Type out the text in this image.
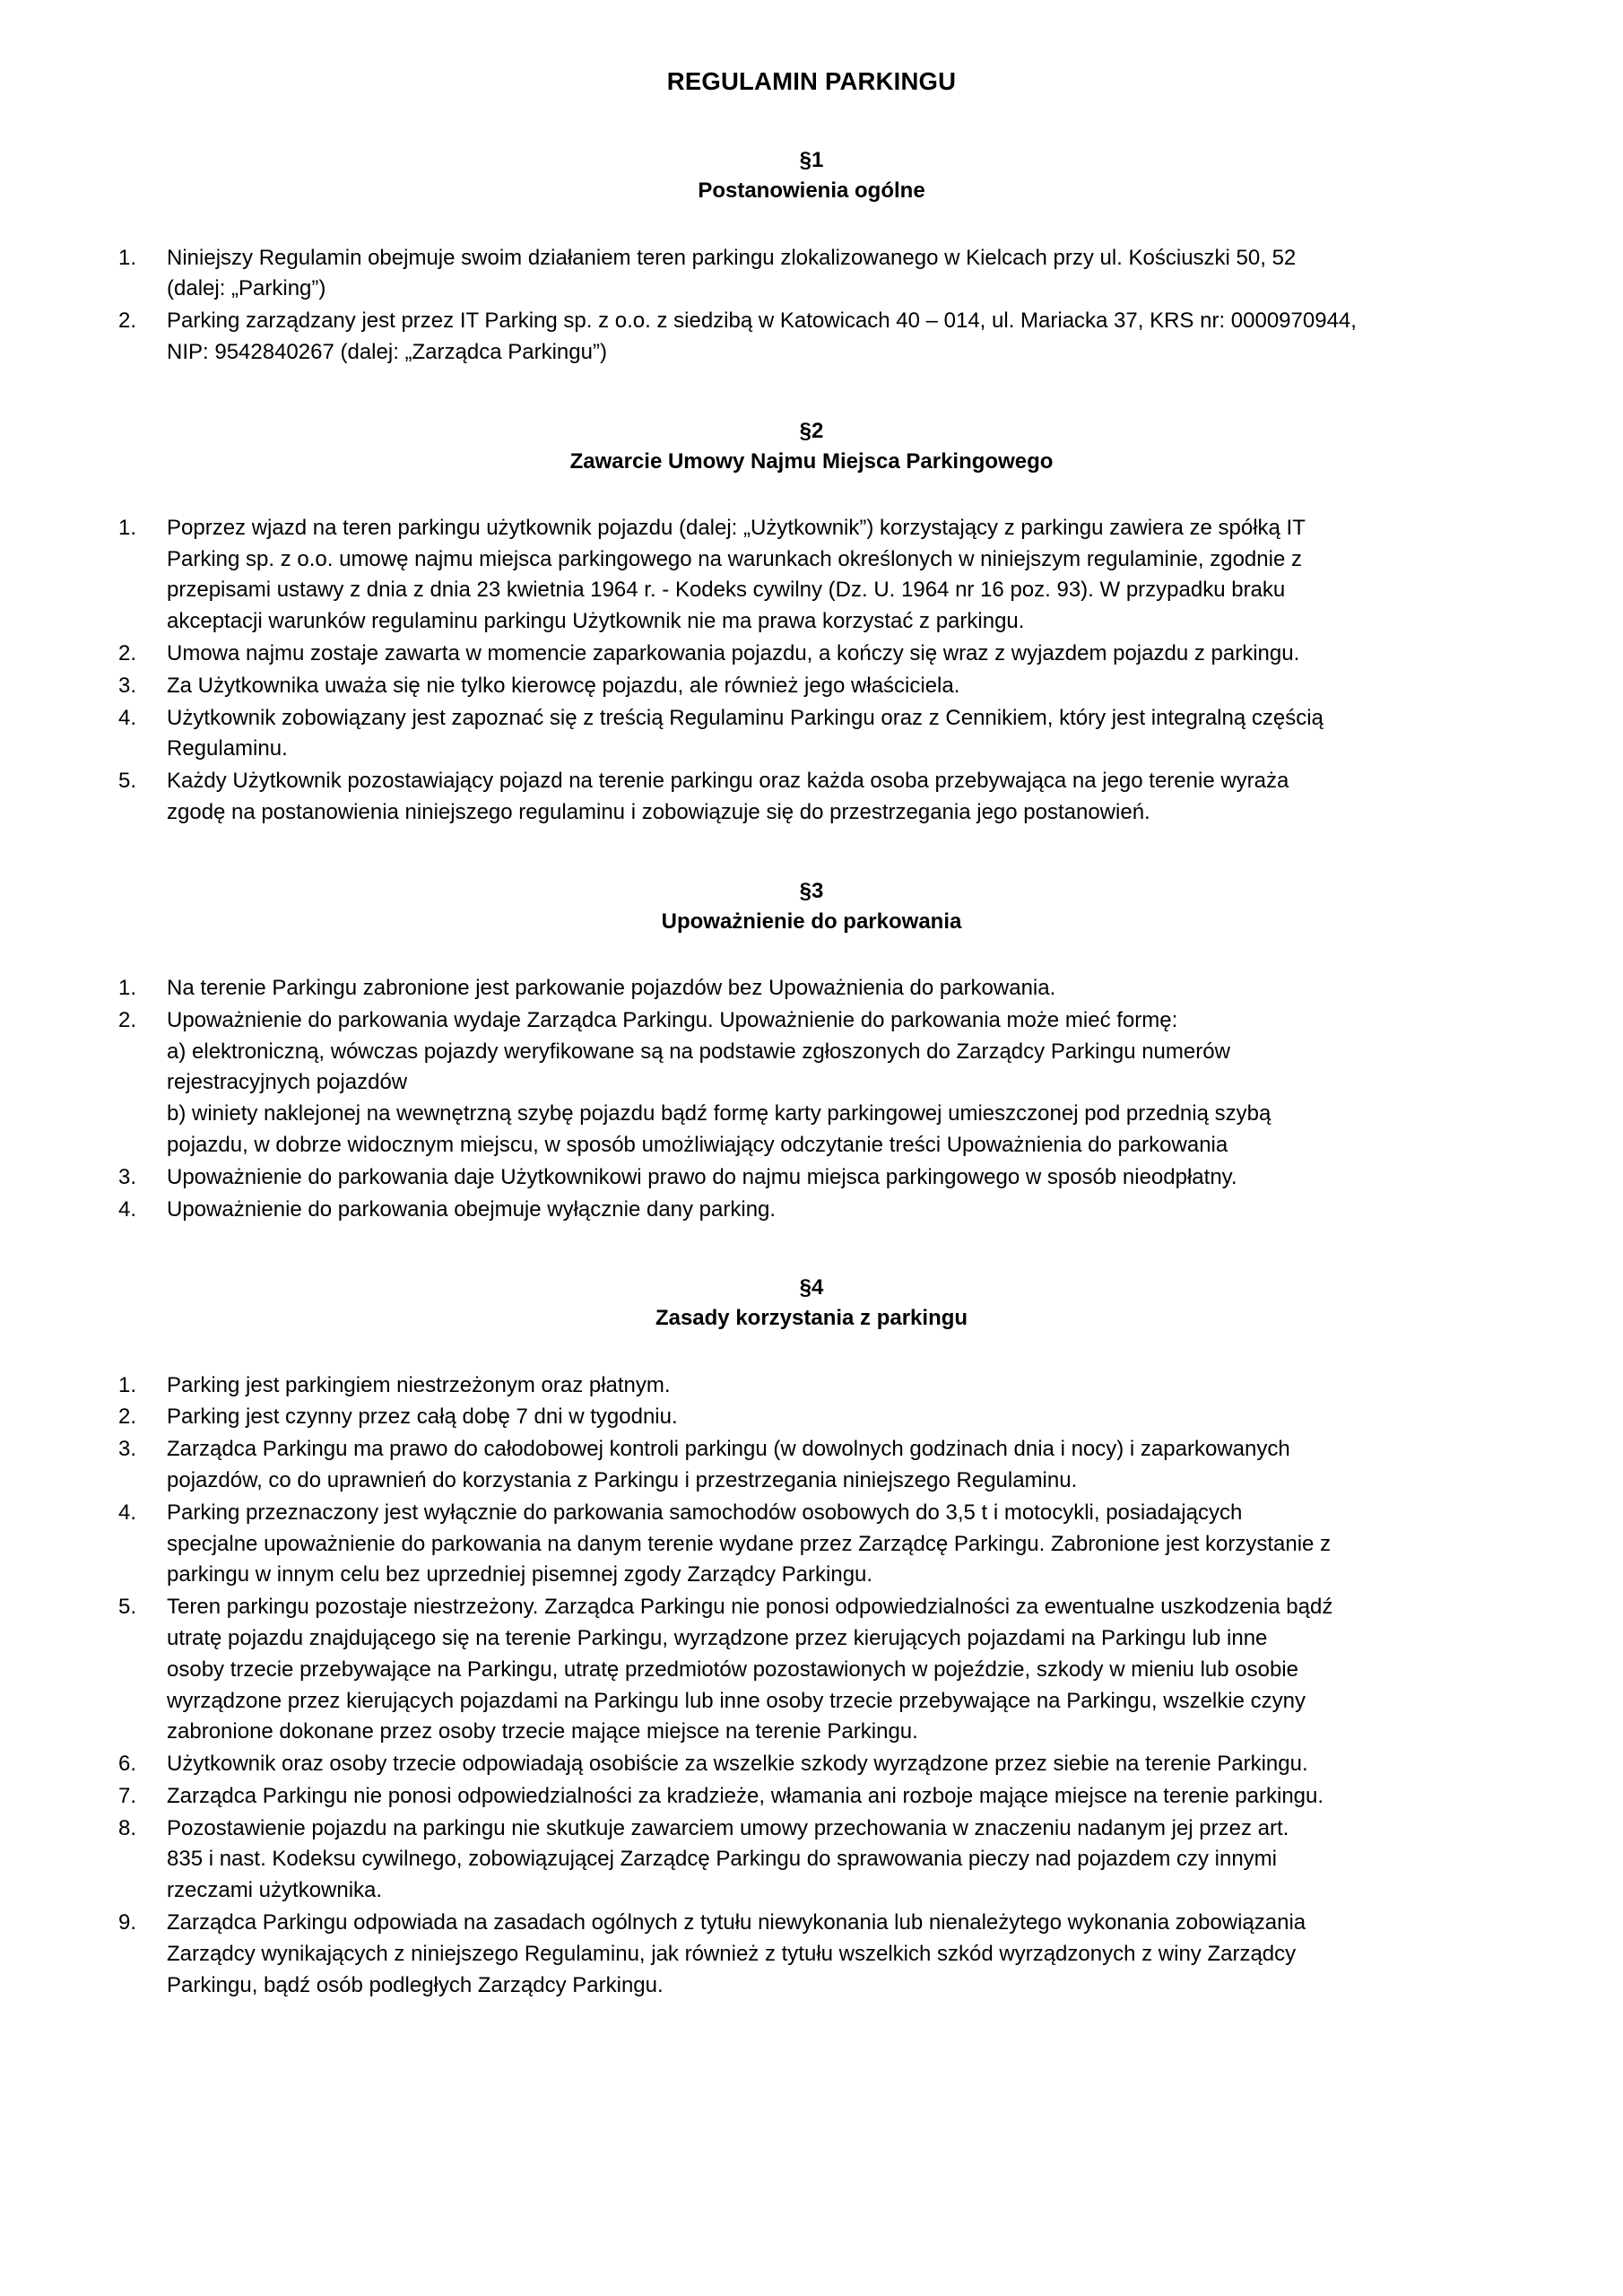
REGULAMIN PARKINGU
§1
Postanowienia ogólne
1.	Niniejszy Regulamin obejmuje swoim działaniem teren parkingu zlokalizowanego w Kielcach przy ul. Kościuszki 50, 52

(dalej: „Parking”)

2.	Parking zarządzany jest przez IT Parking sp. z o.o. z siedzibą w Katowicach 40 – 014, ul. Mariacka 37, KRS nr: 0000970944,

NIP: 9542840267 (dalej: „Zarządca Parkingu”)

§2
Zawarcie Umowy Najmu Miejsca Parkingowego
1.	Poprzez wjazd na teren parkingu użytkownik pojazdu (dalej: „Użytkownik”) korzystający z parkingu zawiera ze spółką IT

Parking sp. z o.o. umowę najmu miejsca parkingowego na warunkach określonych w niniejszym regulaminie, zgodnie z

przepisami ustawy z dnia z dnia 23 kwietnia 1964 r. - Kodeks cywilny (Dz. U. 1964 nr 16 poz. 93). W przypadku braku

akceptacji warunków regulaminu parkingu Użytkownik nie ma prawa korzystać z parkingu.

2.	Umowa najmu zostaje zawarta w momencie zaparkowania pojazdu, a kończy się wraz z wyjazdem pojazdu z parkingu.

3.	Za Użytkownika uważa się nie tylko kierowcę pojazdu, ale również jego właściciela.

4.	Użytkownik zobowiązany jest zapoznać się z treścią Regulaminu Parkingu oraz z Cennikiem, który jest integralną częścią

Regulaminu.

5.	Każdy Użytkownik pozostawiający pojazd na terenie parkingu oraz każda osoba przebywająca na jego terenie wyraża

zgodę na postanowienia niniejszego regulaminu i zobowiązuje się do przestrzegania jego postanowień.

§3
Upoważnienie do parkowania
1.	Na terenie Parkingu zabronione jest parkowanie pojazdów bez Upoważnienia do parkowania.

2.	Upoważnienie do parkowania wydaje Zarządca Parkingu. Upoważnienie do parkowania może mieć formę:

a) elektroniczną, wówczas pojazdy weryfikowane są na podstawie zgłoszonych do Zarządcy Parkingu numerów

rejestracyjnych pojazdów

b) winiety naklejonej na wewnętrzną szybę pojazdu bądź formę karty parkingowej umieszczonej pod przednią szybą

pojazdu, w dobrze widocznym miejscu, w sposób umożliwiający odczytanie treści Upoważnienia do parkowania

3.	Upoważnienie do parkowania daje Użytkownikowi prawo do najmu miejsca parkingowego w sposób nieodpłatny.

4.	Upoważnienie do parkowania obejmuje wyłącznie dany parking.

§4
Zasady korzystania z parkingu
1.	Parking jest parkingiem niestrzeżonym oraz płatnym.

2.	Parking jest czynny przez całą dobę 7 dni w tygodniu.

3.	Zarządca Parkingu ma prawo do całodobowej kontroli parkingu (w dowolnych godzinach dnia i nocy) i zaparkowanych

pojazdów, co do uprawnień do korzystania z Parkingu i przestrzegania niniejszego Regulaminu.

4.	Parking przeznaczony jest wyłącznie do parkowania samochodów osobowych do 3,5 t i motocykli, posiadających

specjalne upoważnienie do parkowania na danym terenie wydane przez Zarządcę Parkingu. Zabronione jest korzystanie z

parkingu w innym celu bez uprzedniej pisemnej zgody Zarządcy Parkingu.

5.	Teren parkingu pozostaje niestrzeżony. Zarządca Parkingu nie ponosi odpowiedzialności za ewentualne uszkodzenia bądź

utratę pojazdu znajdującego się na terenie Parkingu, wyrządzone przez kierujących pojazdami na Parkingu lub inne

osoby trzecie przebywające na Parkingu, utratę przedmiotów pozostawionych w pojeździe, szkody w mieniu lub osobie

wyrządzone przez kierujących pojazdami na Parkingu lub inne osoby trzecie przebywające na Parkingu, wszelkie czyny

zabronione dokonane przez osoby trzecie mające miejsce na terenie Parkingu.

6.	Użytkownik oraz osoby trzecie odpowiadają osobiście za wszelkie szkody wyrządzone przez siebie na terenie Parkingu.

7.	Zarządca Parkingu nie ponosi odpowiedzialności za kradzieże, włamania ani rozboje mające miejsce na terenie parkingu.

8.	Pozostawienie pojazdu na parkingu nie skutkuje zawarciem umowy przechowania w znaczeniu nadanym jej przez art.

835 i nast. Kodeksu cywilnego, zobowiązującej Zarządcę Parkingu do sprawowania pieczy nad pojazdem czy innymi

rzeczami użytkownika.

9.	Zarządca Parkingu odpowiada na zasadach ogólnych z tytułu niewykonania lub nienależytego wykonania zobowiązania

Zarządcy wynikających z niniejszego Regulaminu, jak również z tytułu wszelkich szkód wyrządzonych z winy Zarządcy

Parkingu, bądź osób podległych Zarządcy Parkingu.
